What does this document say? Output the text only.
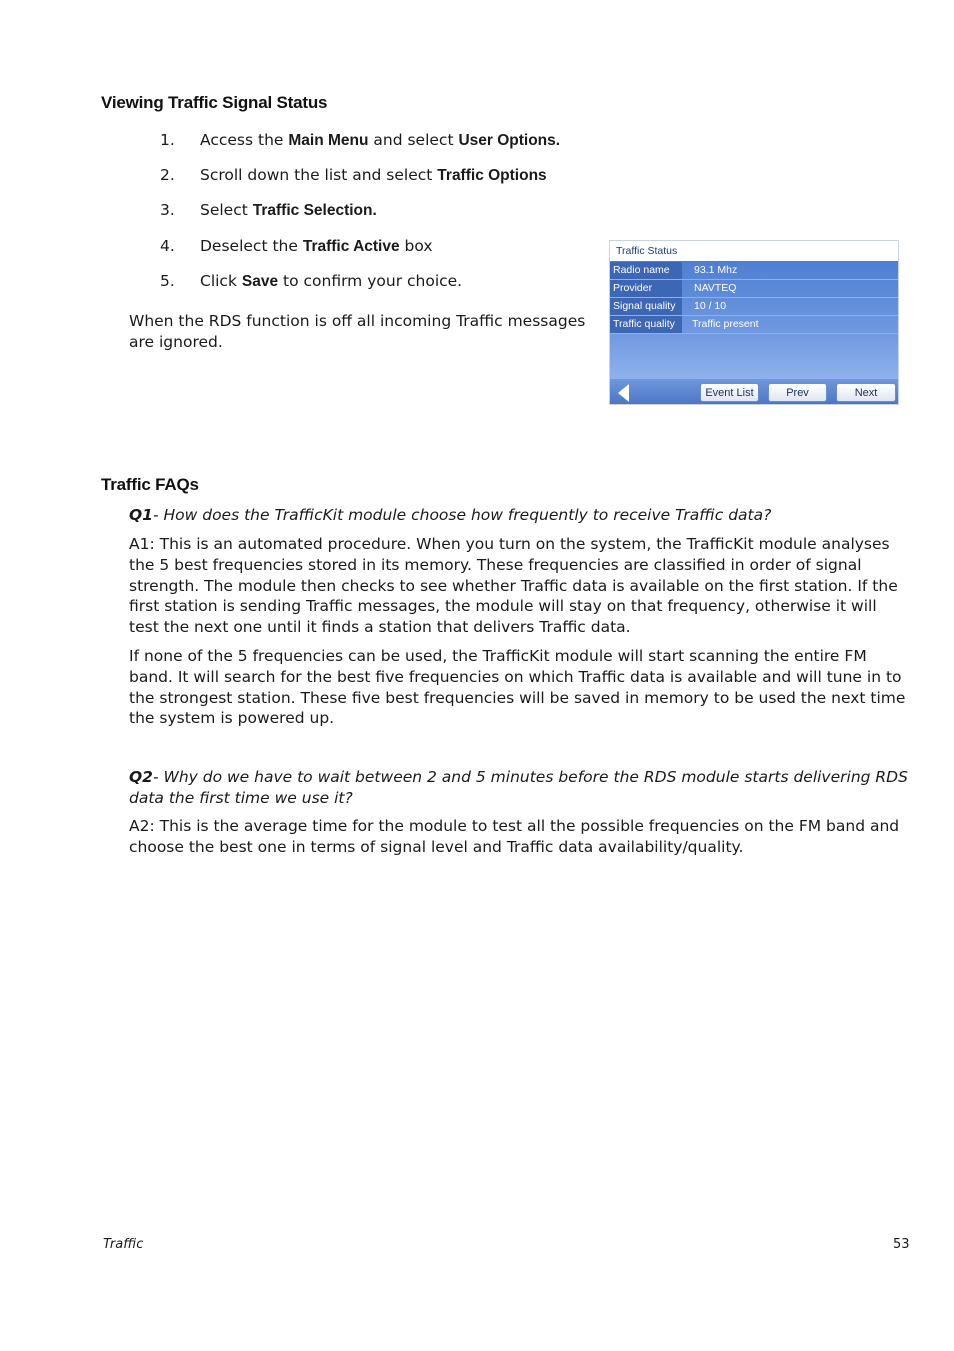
Viewing Traffic Signal Status
1. Access the Main Menu and select User Options.
2. Scroll down the list and select Traffic Options
3. Select Traffic Selection.
4. Deselect the Traffic Active box
5. Click Save to confirm your choice.
When the RDS function is off all incoming Traffic messages are ignored.
Traffic Status
Radio name	93.1 Mhz
Provider	NAVTEQ
Signal quality	10 / 10
Traffic quality	Traffic present
Event List	Prev	Next
Traffic FAQs
Q1- How does the TrafficKit module choose how frequently to receive Traffic data?
A1: This is an automated procedure. When you turn on the system, the TrafficKit module analyses the 5 best frequencies stored in its memory. These frequencies are classified in order of signal strength. The module then checks to see whether Traffic data is available on the first station. If the first station is sending Traffic messages, the module will stay on that frequency, otherwise it will test the next one until it finds a station that delivers Traffic data.
If none of the 5 frequencies can be used, the TrafficKit module will start scanning the entire FM band. It will search for the best five frequencies on which Traffic data is available and will tune in to the strongest station. These five best frequencies will be saved in memory to be used the next time the system is powered up.
Q2- Why do we have to wait between 2 and 5 minutes before the RDS module starts delivering RDS data the first time we use it?
A2: This is the average time for the module to test all the possible frequencies on the FM band and choose the best one in terms of signal level and Traffic data availability/quality.
Traffic	53
